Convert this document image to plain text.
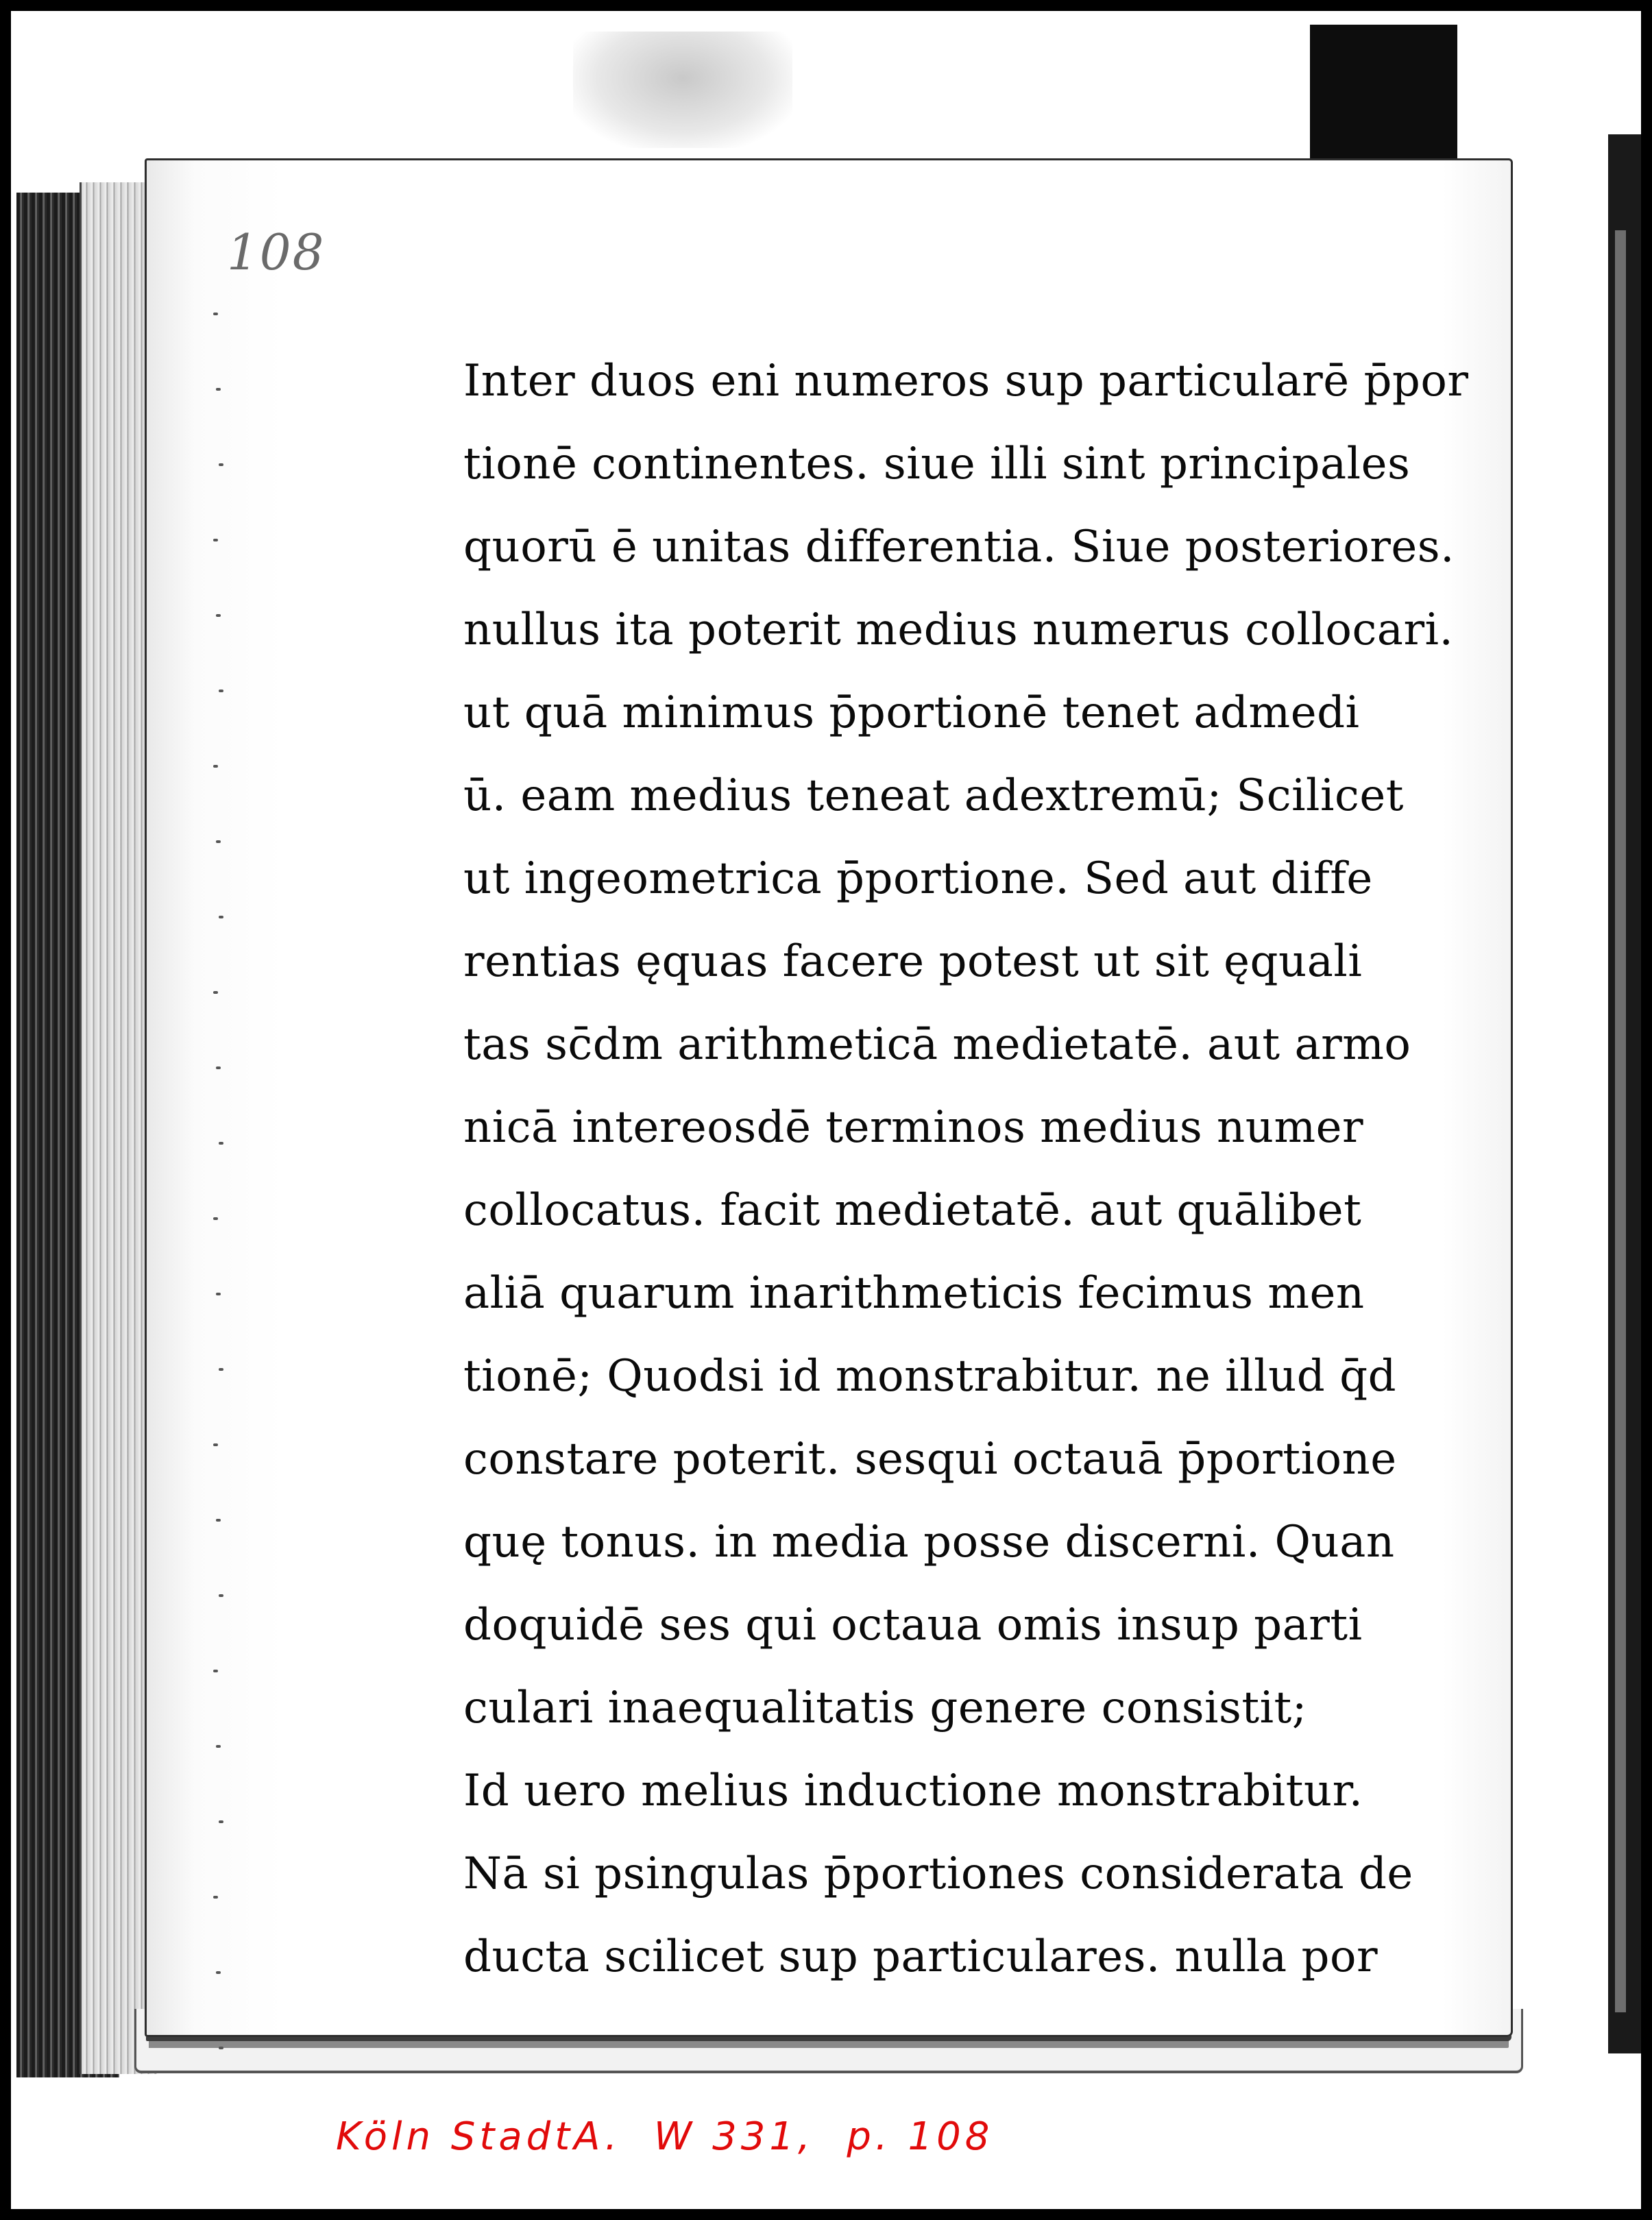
108
Inter duos eni numeros sup particularē p̄por
tionē continentes. siue illi sint principales
quorū ē unitas differentia. Siue posteriores.
nullus ita poterit medius numerus collocari.
ut quā minimus p̄portionē tenet admedi
ū. eam medius teneat adextremū; Scilicet
ut ingeometrica p̄portione. Sed aut diffe
rentias ęquas facere potest ut sit ęquali
tas sc̄dm arithmeticā medietatē. aut armo
nicā intereosdē terminos medius numer
collocatus. facit medietatē. aut quālibet
aliā quarum inarithmeticis fecimus men
tionē; Quodsi id monstrabitur. ne illud q̄d
constare poterit. sesqui octauā p̄portione
quę tonus. in media posse discerni. Quan
doquidē ses qui octaua omis insup parti
culari inaequalitatis genere consistit;
Id uero melius inductione monstrabitur.
Nā si psingulas p̄portiones considerata de
ducta scilicet sup particulares. nulla por
Köln StadtA.  W 331,  p. 108
